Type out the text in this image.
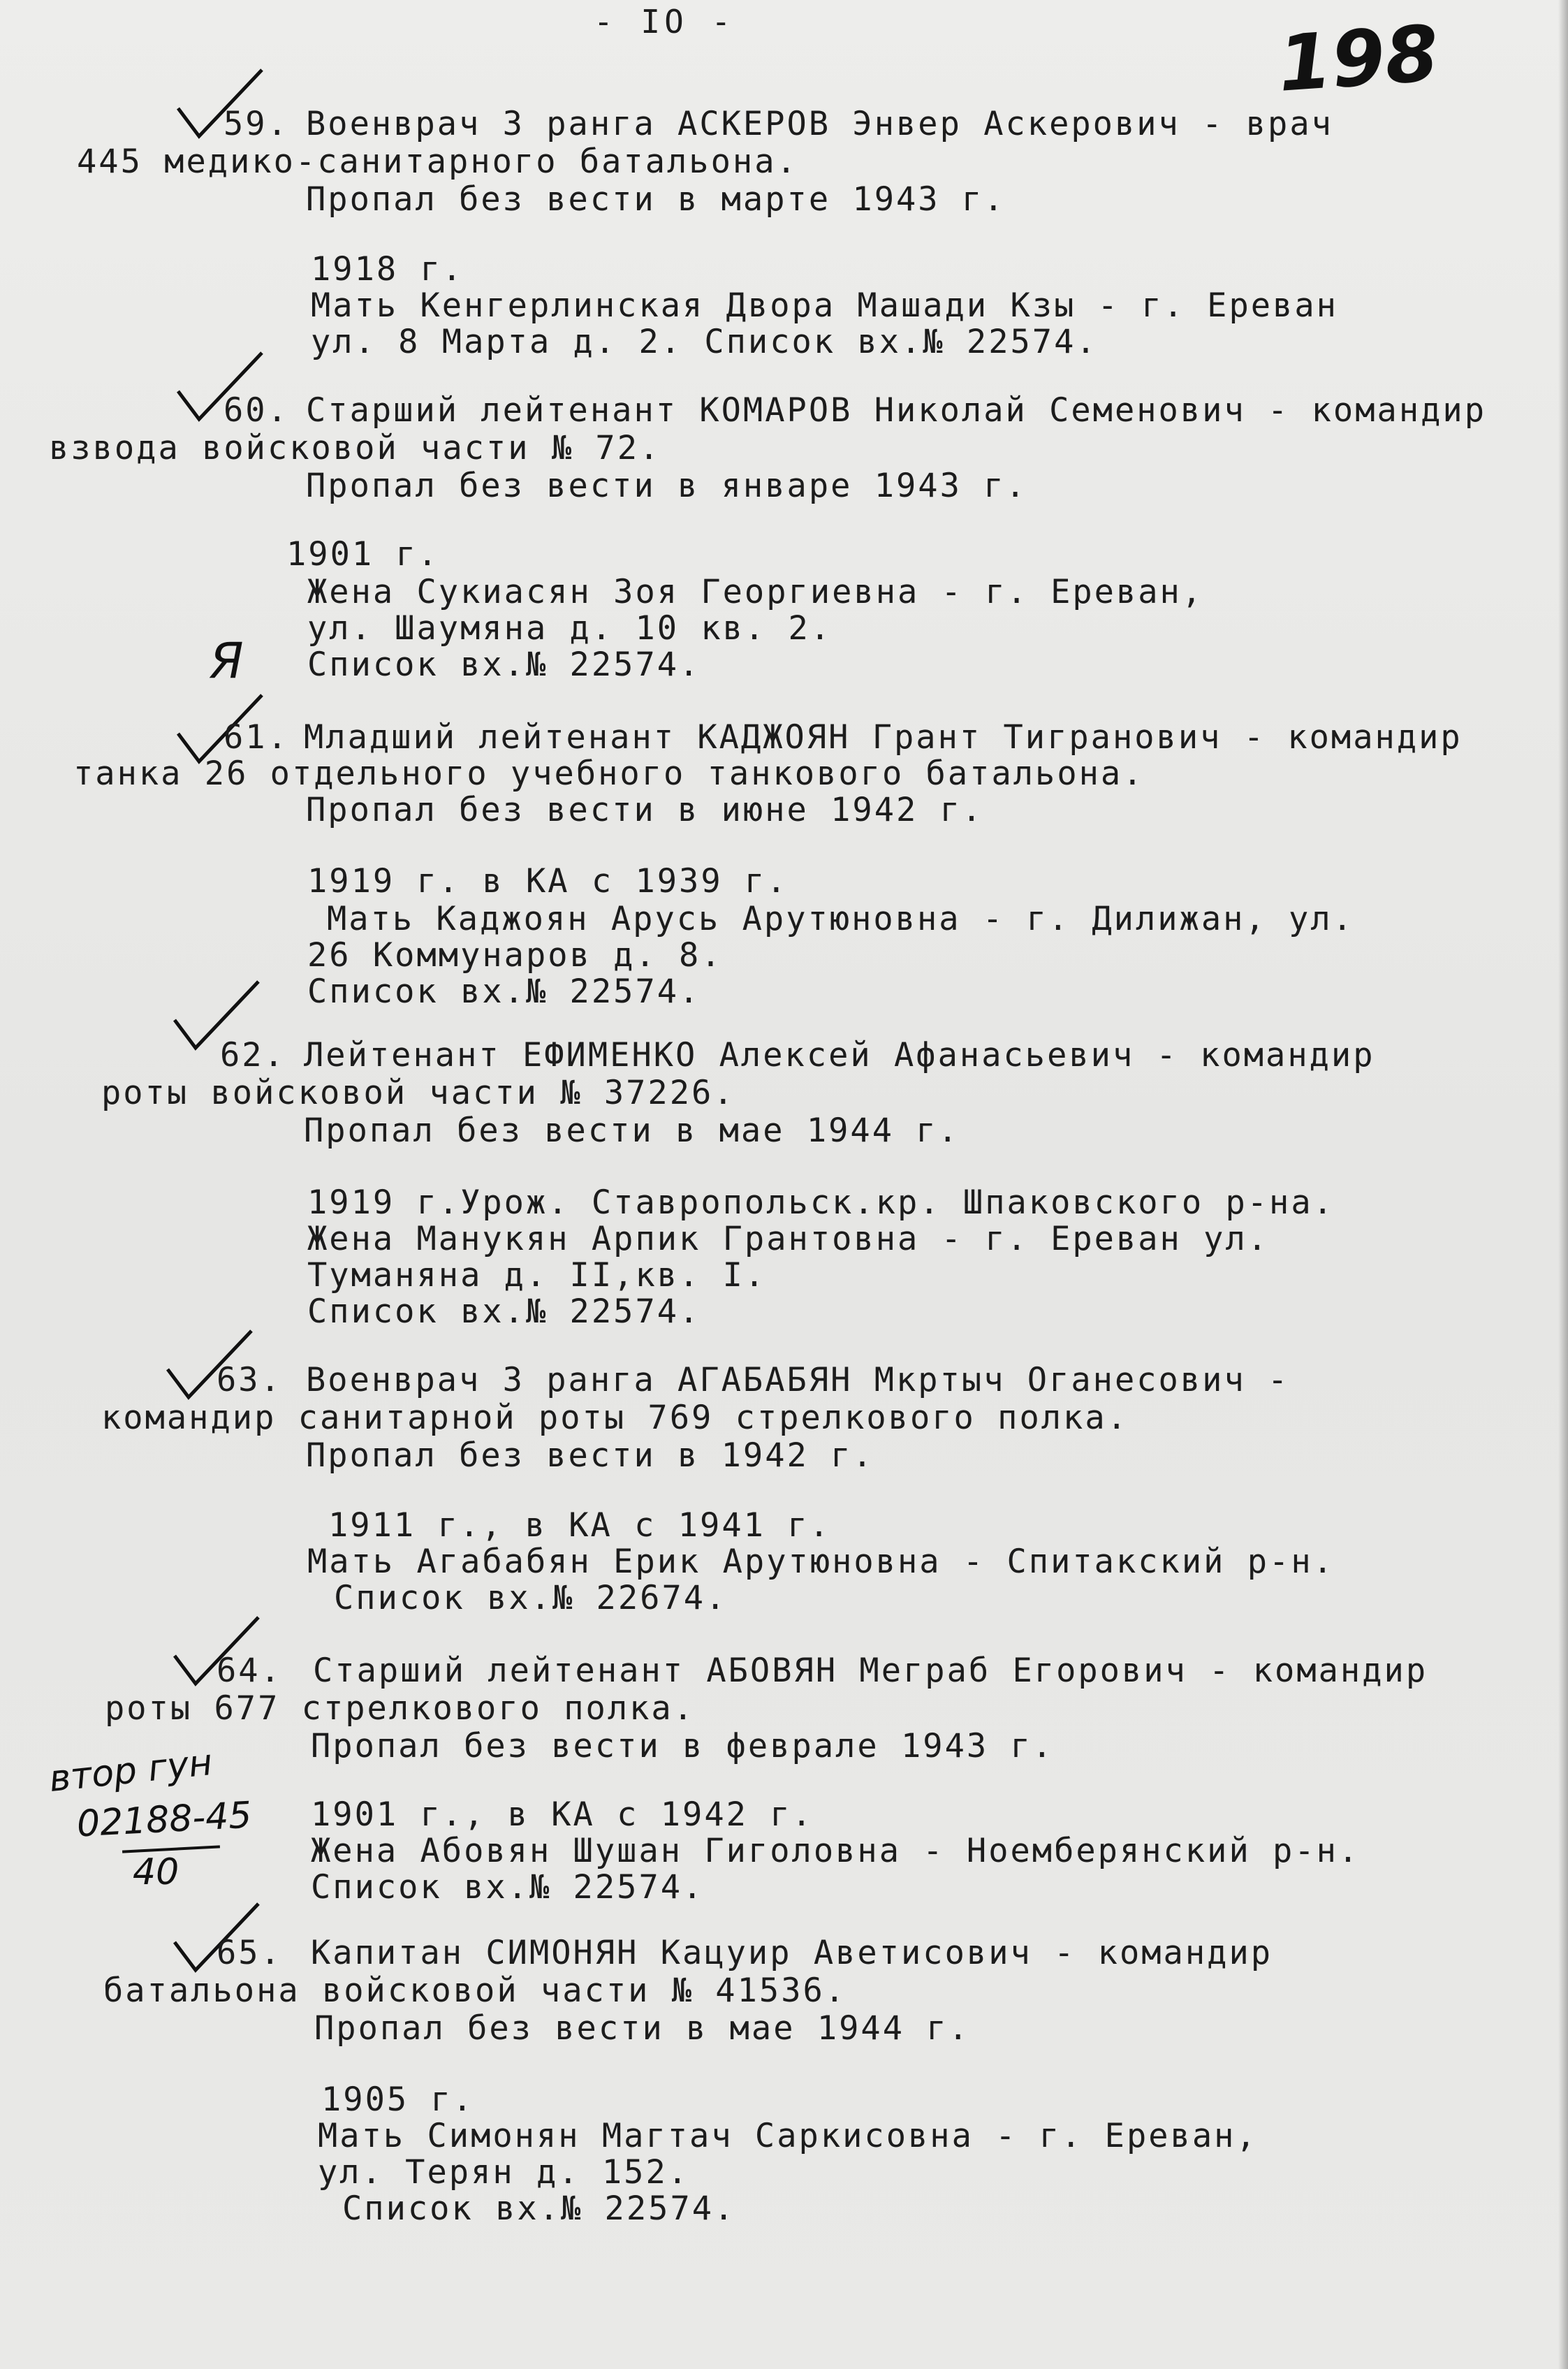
- IO -	198
59. Военврач 3 ранга АСКЕРОВ Энвер Аскерович - врач
445 медико-санитарного батальона.
Пропал без вести в марте 1943 г.
1918 г.
Мать Кенгерлинская Двора Машади Кзы - г. Ереван
ул. 8 Марта д. 2. Список вх.№ 22574.
60. Старший лейтенант КОМАРОВ Николай Семенович - командир
взвода войсковой части № 72.
Пропал без вести в январе 1943 г.
1901 г.
Жена Сукиасян Зоя Георгиевна - г. Ереван,
ул. Шаумяна д. 10 кв. 2.
Список вх.№ 22574.
Я
61. Младший лейтенант КАДЖОЯН Грант Тигранович - командир
танка 26 отдельного учебного танкового батальона.
Пропал без вести в июне 1942 г.
1919 г. в КА с 1939 г.
Мать Каджоян Арусь Арутюновна - г. Дилижан, ул.
26 Коммунаров д. 8.
Список вх.№ 22574.
62. Лейтенант ЕФИМЕНКО Алексей Афанасьевич - командир
роты войсковой части № 37226.
Пропал без вести в мае 1944 г.
1919 г.Урож. Ставропольск.кр. Шпаковского р-на.
Жена Манукян Арпик Грантовна - г. Ереван ул.
Туманяна д. II,кв. I.
Список вх.№ 22574.
63. Военврач 3 ранга АГАБАБЯН Мкртыч Оганесович -
командир санитарной роты 769 стрелкового полка.
Пропал без вести в 1942 г.
1911 г., в КА с 1941 г.
Мать Агабабян Ерик Арутюновна - Спитакский р-н.
Список вх.№ 22674.
64. Старший лейтенант АБОВЯН Мeграб Егорович - командир
роты 677 стрелкового полка.
Пропал без вести в феврале 1943 г.
1901 г., в КА с 1942 г.
Жена Абовян Шушан Гиголовна - Ноемберянский р-н.
Список вх.№ 22574.
втор гун
02188-45
40
65. Капитан СИМОНЯН Кацуир Аветисович - командир
батальона войсковой части № 41536.
Пропал без вести в мае 1944 г.
1905 г.
Мать Симонян Магтач Саркисовна - г. Ереван,
ул. Терян д. 152.
Список вх.№ 22574.
